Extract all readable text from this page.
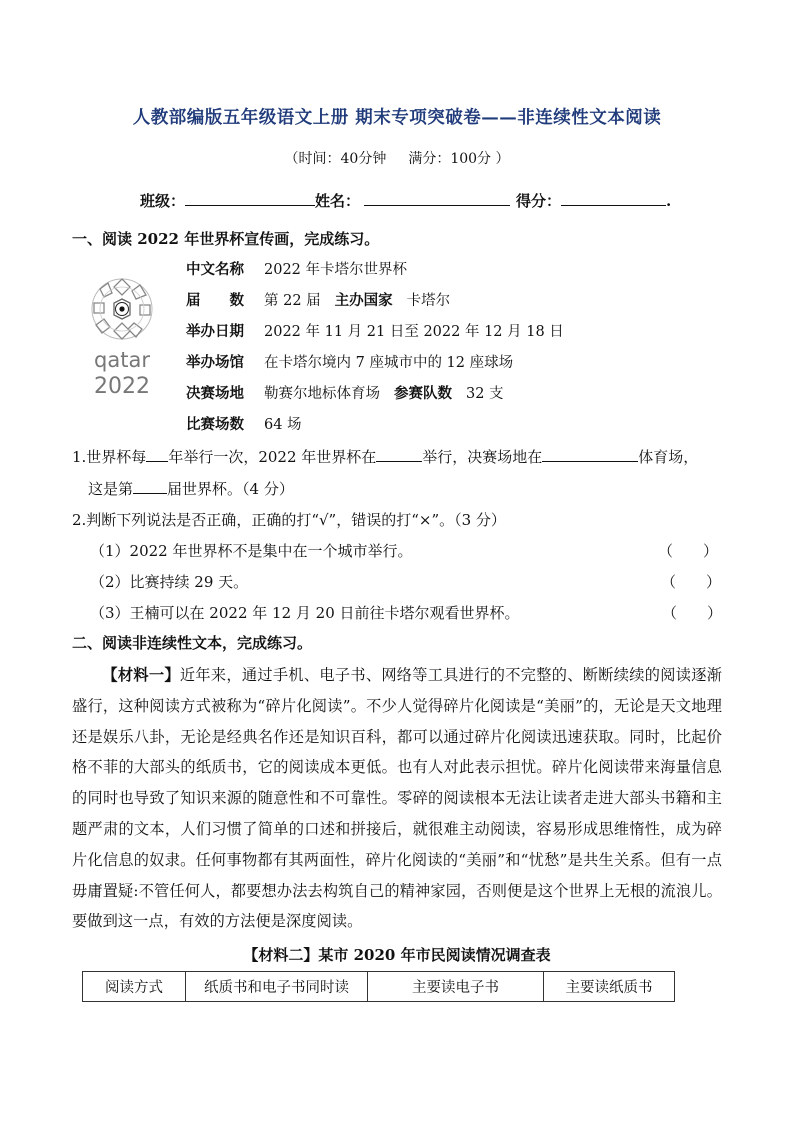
人教部编版五年级语文上册 期末专项突破卷——非连续性文本阅读
（时间：40分钟 满分：100分 ）
班级：	姓名：	得分：	.
一、阅读 2022 年世界杯宣传画，完成练习。
qatar
2022
中文名称 2022 年卡塔尔世界杯
届　　数 第 22 届 主办国家 卡塔尔
举办日期 2022 年 11 月 21 日至 2022 年 12 月 18 日
举办场馆 在卡塔尔境内 7 座城市中的 12 座球场
决赛场地 勒赛尔地标体育场 参赛队数 32 支
比赛场数 64 场
1.世界杯每 年举行一次，2022 年世界杯在	举行，决赛场地在	体育场，
这是第 届世界杯。（4 分）
2.判断下列说法是否正确，正确的打“√”，错误的打“×”。（3 分）
（1）2022 年世界杯不是集中在一个城市举行。	（　　）
（2）比赛持续 29 天。	（　　）
（3）王楠可以在 2022 年 12 月 20 日前往卡塔尔观看世界杯。	（　　）
二、阅读非连续性文本，完成练习。
【材料一】近年来，通过手机、电子书、网络等工具进行的不完整的、断断续续的阅读逐渐盛行，这种阅读方式被称为“碎片化阅读”。不少人觉得碎片化阅读是“美丽”的，无论是天文地理还是娱乐八卦，无论是经典名作还是知识百科，都可以通过碎片化阅读迅速获取。同时，比起价格不菲的大部头的纸质书，它的阅读成本更低。也有人对此表示担忧。碎片化阅读带来海量信息的同时也导致了知识来源的随意性和不可靠性。零碎的阅读根本无法让读者走进大部头书籍和主题严肃的文本，人们习惯了简单的口述和拼接后，就很难主动阅读，容易形成思维惰性，成为碎片化信息的奴隶。任何事物都有其两面性，碎片化阅读的“美丽”和“忧愁”是共生关系。但有一点毋庸置疑:不管任何人，都要想办法去构筑自己的精神家园，否则便是这个世界上无根的流浪儿。要做到这一点，有效的方法便是深度阅读。
【材料二】某市 2020 年市民阅读情况调查表
阅读方式	纸质书和电子书同时读	主要读电子书	主要读纸质书
